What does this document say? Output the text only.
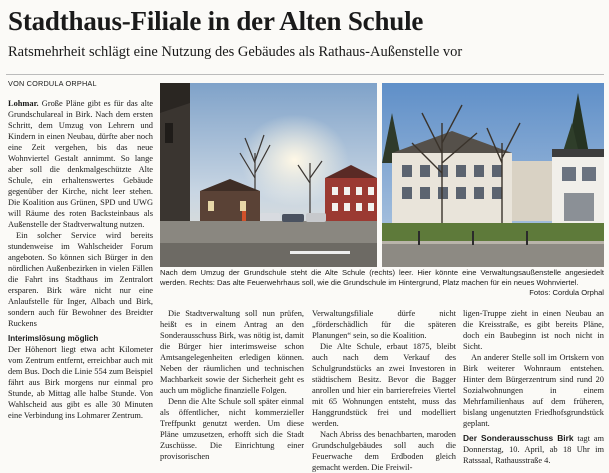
Stadthaus-Filiale in der Alten Schule
Ratsmehrheit schlägt eine Nutzung des Gebäudes als Rathaus-Außenstelle vor
VON CORDULA ORPHAL

Lohmar. Große Pläne gibt es für das alte Grundschulareal in Birk. Nach dem ersten Schritt, dem Umzug von Lehrern und Kindern in einen Neubau, dürfte aber noch eine Zeit vergehen, bis das neue Wohnviertel Gestalt annimmt. So lange aber soll die denkmalgeschützte Alte Schule, ein erhaltenswertes Gebäude gegenüber der Kirche, nicht leer stehen. Die Koalition aus Grünen, SPD und UWG will Räume des roten Backsteinbaus als Außenstelle der Stadtverwaltung nutzen.

Ein solcher Service wird bereits stundenweise im Wahlscheider Forum angeboten. So können sich Bürger in den nördlichen Außenbezirken in vielen Fällen die Fahrt ins Stadthaus im Zentralort ersparen. Birk wäre nicht nur eine Anlaufstelle für Inger, Albach und Birk, sondern auch für Bewohner des Breidter Ruckens

Interimslösung möglich

Der Höhenort liegt etwa acht Kilometer vom Zentrum entfernt, erreichbar auch mit dem Bus. Doch die Linie 554 zum Beispiel fährt aus Birk morgens nur einmal pro Stunde, ab Mittag alle halbe Stunde. Von Wahlscheid aus gibt es alle 30 Minuten eine Verbindung ins Lohmarer Zentrum.

Nach dem Umzug der Grundschule steht die Alte Schule (rechts) leer. Hier könnte eine Verwaltungsaußenstelle angesiedelt werden. Rechts: Das alte Feuerwehrhaus soll, wie die Grundschule im Hintergrund, Platz machen für ein neues Wohnviertel.
Fotos: Cordula Orphal

Die Stadtverwaltung soll nun prüfen, heißt es in einem Antrag an den Sonderausschuss Birk, was nötig ist, damit die Bürger hier interimsweise schon Amtsangelegenheiten erledigen können. Neben der räumlichen und technischen Machbarkeit sowie der Sicherheit geht es auch um mögliche finanzielle Folgen.

Denn die Alte Schule soll später einmal als öffentlicher, nicht kommerzieller Treffpunkt genutzt werden. Um diese Pläne umzusetzen, erhofft sich die Stadt Zuschüsse. Die Einrichtung einer provisorischen

Verwaltungsfiliale dürfe nicht „förderschädlich für die späteren Planungen“ sein, so die Koalition.

Die Alte Schule, erbaut 1875, bleibt auch nach dem Verkauf des Schulgrundstücks an zwei Investoren in städtischem Besitz. Bevor die Bagger anrollen und hier ein barrierefreies Viertel mit 65 Wohnungen entsteht, muss das Hanggrundstück frei und modelliert werden.

Nach Abriss des benachbarten, maroden Grundschulgebäudes soll auch die Feuerwache dem Erdboden gleich gemacht werden. Die Freiwil-

ligen-Truppe zieht in einen Neubau an die Kreisstraße, es gibt bereits Pläne, doch ein Baubeginn ist noch nicht in Sicht.

An anderer Stelle soll im Ortskern von Birk weiterer Wohnraum entstehen. Hinter dem Bürgerzentrum sind rund 20 Sozialwohnungen in einem Mehrfamilienhaus auf dem früheren, bislang ungenutzten Friedhofsgrundstück geplant.

Der Sonderausschuss Birk tagt am Donnerstag, 10. April, ab 18 Uhr im Ratssaal, Rathausstraße 4.
